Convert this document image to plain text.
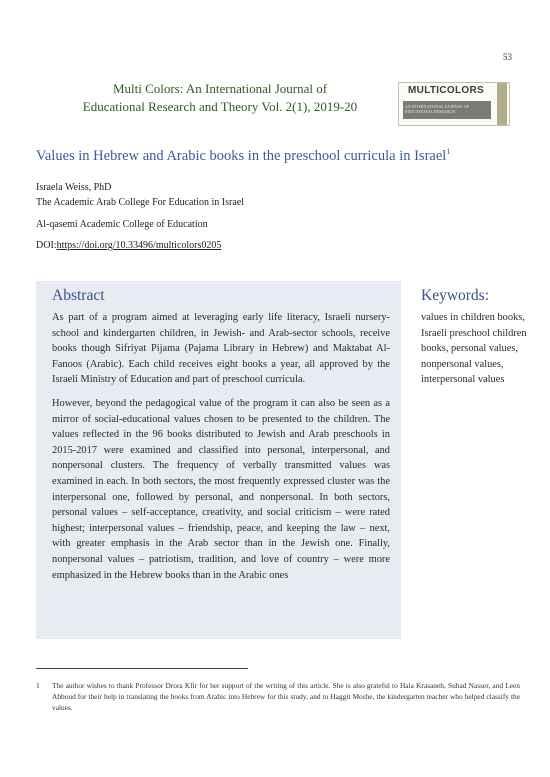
53
Multi Colors: An International Journal of
Educational Research and Theory Vol. 2(1), 2019-20
MULTICOLORS
AN INTERNATIONAL JOURNAL OF EDUCATIONAL RESEARCH
Values in Hebrew and Arabic books in the preschool curricula in Israel$^1$
Israela Weiss, PhD
The Academic Arab College For Education in Israel
Al-qasemi Academic College of Education
DOI:https://doi.org/10.33496/multicolors0205
Abstract

As part of a program aimed at leveraging early life literacy, Israeli nursery-school and kindergarten children, in Jewish- and Arab-sector schools, receive books though Sifriyat Pijama (Pajama Library in Hebrew) and Maktabat Al-Fanoos (Arabic). Each child receives eight books a year, all approved by the Israeli Ministry of Education and part of preschool curricula.

However, beyond the pedagogical value of the program it can also be seen as a mirror of social-educational values chosen to be presented to the children. The values reflected in the 96 books distributed to Jewish and Arab preschools in 2015-2017 were examined and classified into personal, interpersonal, and nonpersonal clusters. The frequency of verbally transmitted values was examined in each. In both sectors, the most frequently expressed cluster was the interpersonal one, followed by personal, and nonpersonal. In both sectors, personal values – self-acceptance, creativity, and social criticism – were rated highest; interpersonal values – friendship, peace, and keeping the law – next, with greater emphasis in the Arab sector than in the Jewish one. Finally, nonpersonal values – patriotism, tradition, and love of country – were more emphasized in the Hebrew books than in the Arabic ones

Keywords:
values in children books, Israeli preschool children books, personal values, nonpersonal values, interpersonal values
1	The author wishes to thank Professor Drora Kfir for her support of the writing of this article. She is also grateful to Hala Krasaneh, Suhad Nasser, and Leen Abboud for their help in translating the books from Arabic into Hebrew for this study, and to Haggit Moshe, the kindergarten teacher who helped classify the values.
